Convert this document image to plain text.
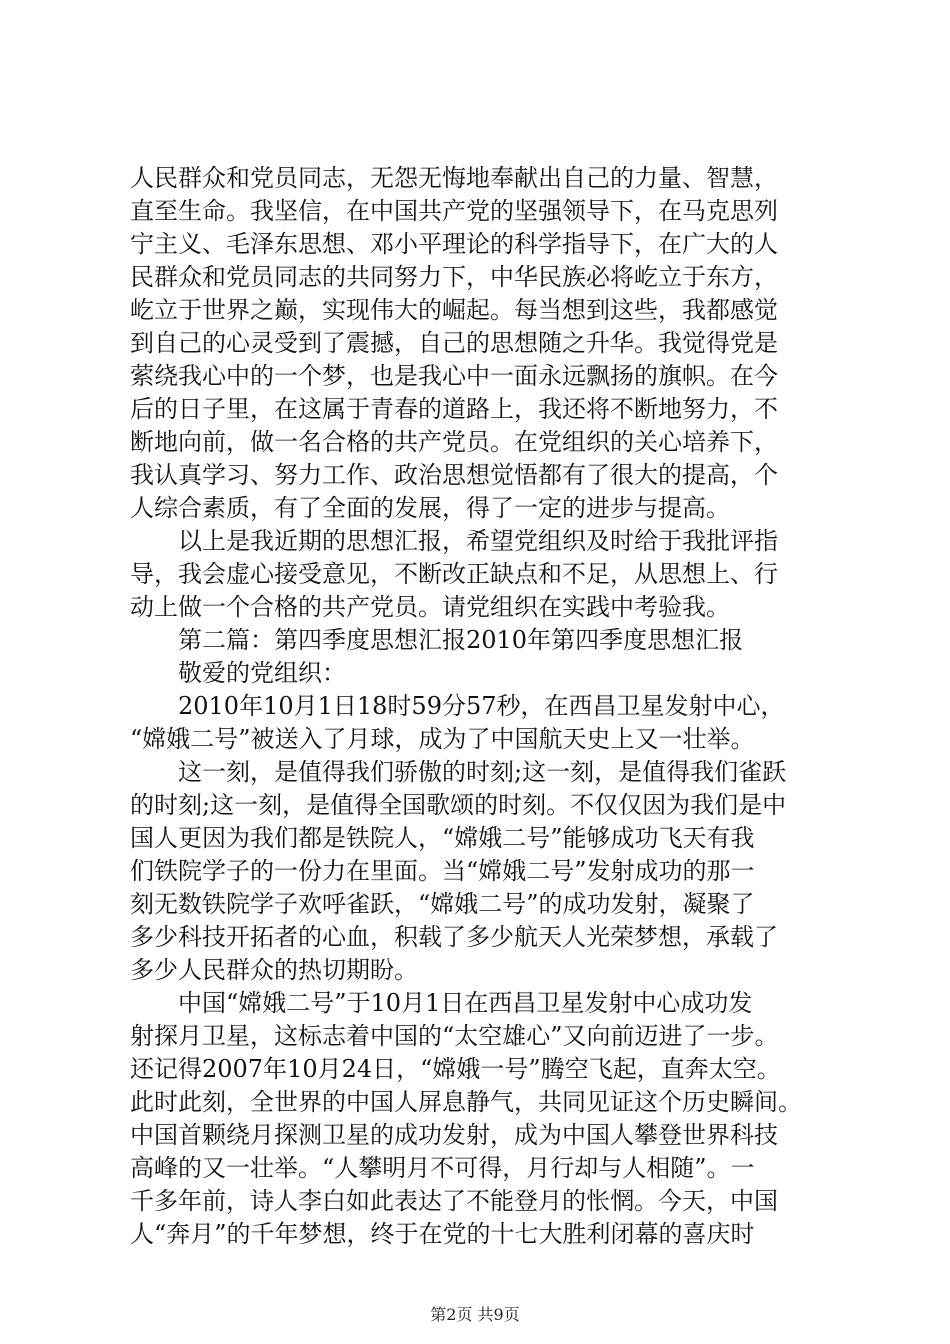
人民群众和党员同志，无怨无悔地奉献出自己的力量、智慧，
直至生命。我坚信，在中国共产党的坚强领导下，在马克思列
宁主义、毛泽东思想、邓小平理论的科学指导下，在广大的人
民群众和党员同志的共同努力下，中华民族必将屹立于东方，
屹立于世界之巅，实现伟大的崛起。每当想到这些，我都感觉
到自己的心灵受到了震撼，自己的思想随之升华。我觉得党是
萦绕我心中的一个梦，也是我心中一面永远飘扬的旗帜。在今
后的日子里，在这属于青春的道路上，我还将不断地努力，不
断地向前，做一名合格的共产党员。在党组织的关心培养下，
我认真学习、努力工作、政治思想觉悟都有了很大的提高，个
人综合素质，有了全面的发展，得了一定的进步与提高。
　　以上是我近期的思想汇报，希望党组织及时给于我批评指
导，我会虚心接受意见，不断改正缺点和不足，从思想上、行
动上做一个合格的共产党员。请党组织在实践中考验我。
　　第二篇：第四季度思想汇报2010年第四季度思想汇报
　　敬爱的党组织：
　　2010年10月1日18时59分57秒，在西昌卫星发射中心，
“嫦娥二号”被送入了月球，成为了中国航天史上又一壮举。
　　这一刻，是值得我们骄傲的时刻;这一刻，是值得我们雀跃
的时刻;这一刻，是值得全国歌颂的时刻。不仅仅因为我们是中
国人更因为我们都是铁院人，“嫦娥二号”能够成功飞天有我
们铁院学子的一份力在里面。当“嫦娥二号”发射成功的那一
刻无数铁院学子欢呼雀跃，“嫦娥二号”的成功发射，凝聚了
多少科技开拓者的心血，积载了多少航天人光荣梦想，承载了
多少人民群众的热切期盼。
　　中国“嫦娥二号”于10月1日在西昌卫星发射中心成功发
射探月卫星，这标志着中国的“太空雄心”又向前迈进了一步。
还记得2007年10月24日，“嫦娥一号”腾空飞起，直奔太空。
此时此刻，全世界的中国人屏息静气，共同见证这个历史瞬间。
中国首颗绕月探测卫星的成功发射，成为中国人攀登世界科技
高峰的又一壮举。“人攀明月不可得，月行却与人相随”。一
千多年前，诗人李白如此表达了不能登月的怅惘。今天，中国
人“奔月”的千年梦想，终于在党的十七大胜利闭幕的喜庆时
第2页 共9页
